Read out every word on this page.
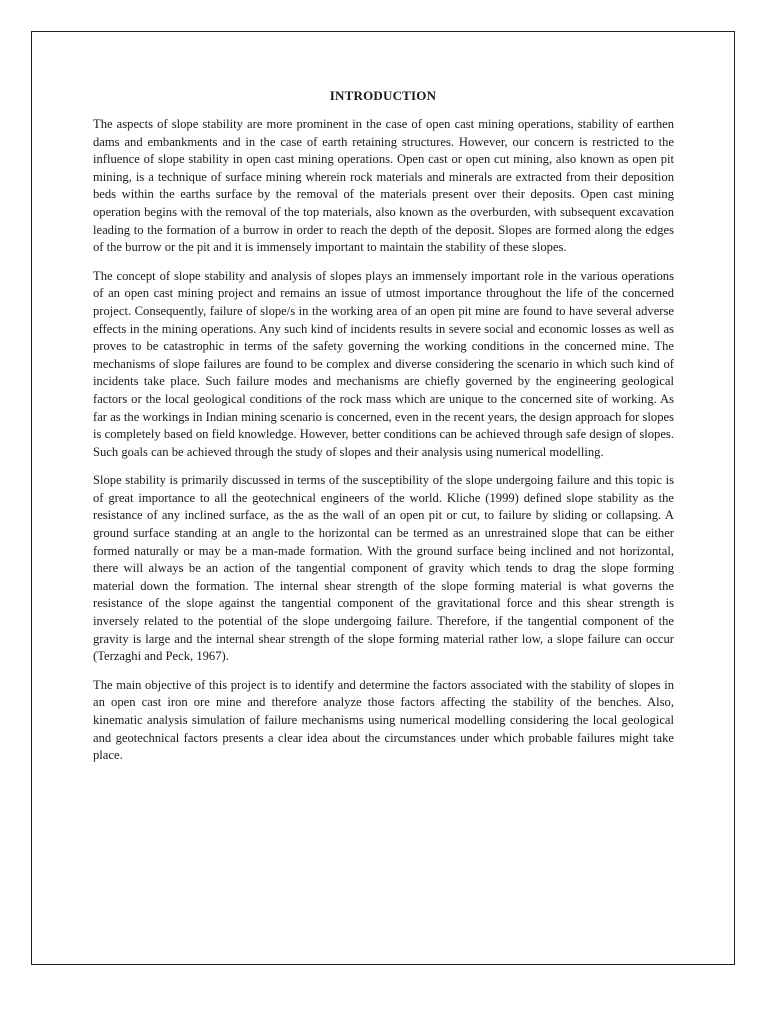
INTRODUCTION

The aspects of slope stability are more prominent in the case of open cast mining operations, stability of earthen dams and embankments and in the case of earth retaining structures. However, our concern is restricted to the influence of slope stability in open cast mining operations. Open cast or open cut mining, also known as open pit mining, is a technique of surface mining wherein rock materials and minerals are extracted from their deposition beds within the earths surface by the removal of the materials present over their deposits. Open cast mining operation begins with the removal of the top materials, also known as the overburden, with subsequent excavation leading to the formation of a burrow in order to reach the depth of the deposit. Slopes are formed along the edges of the burrow or the pit and it is immensely important to maintain the stability of these slopes.

The concept of slope stability and analysis of slopes plays an immensely important role in the various operations of an open cast mining project and remains an issue of utmost importance throughout the life of the concerned project. Consequently, failure of slope/s in the working area of an open pit mine are found to have several adverse effects in the mining operations. Any such kind of incidents results in severe social and economic losses as well as proves to be catastrophic in terms of the safety governing the working conditions in the concerned mine. The mechanisms of slope failures are found to be complex and diverse considering the scenario in which such kind of incidents take place. Such failure modes and mechanisms are chiefly governed by the engineering geological factors or the local geological conditions of the rock mass which are unique to the concerned site of working. As far as the workings in Indian mining scenario is concerned, even in the recent years, the design approach for slopes is completely based on field knowledge. However, better conditions can be achieved through safe design of slopes. Such goals can be achieved through the study of slopes and their analysis using numerical modelling.

Slope stability is primarily discussed in terms of the susceptibility of the slope undergoing failure and this topic is of great importance to all the geotechnical engineers of the world. Kliche (1999) defined slope stability as the resistance of any inclined surface, as the as the wall of an open pit or cut, to failure by sliding or collapsing. A ground surface standing at an angle to the horizontal can be termed as an unrestrained slope that can be either formed naturally or may be a man-made formation. With the ground surface being inclined and not horizontal, there will always be an action of the tangential component of gravity which tends to drag the slope forming material down the formation. The internal shear strength of the slope forming material is what governs the resistance of the slope against the tangential component of the gravitational force and this shear strength is inversely related to the potential of the slope undergoing failure. Therefore, if the tangential component of the gravity is large and the internal shear strength of the slope forming material rather low, a slope failure can occur (Terzaghi and Peck, 1967).

The main objective of this project is to identify and determine the factors associated with the stability of slopes in an open cast iron ore mine and therefore analyze those factors affecting the stability of the benches. Also, kinematic analysis simulation of failure mechanisms using numerical modelling considering the local geological and geotechnical factors presents a clear idea about the circumstances under which probable failures might take place.
